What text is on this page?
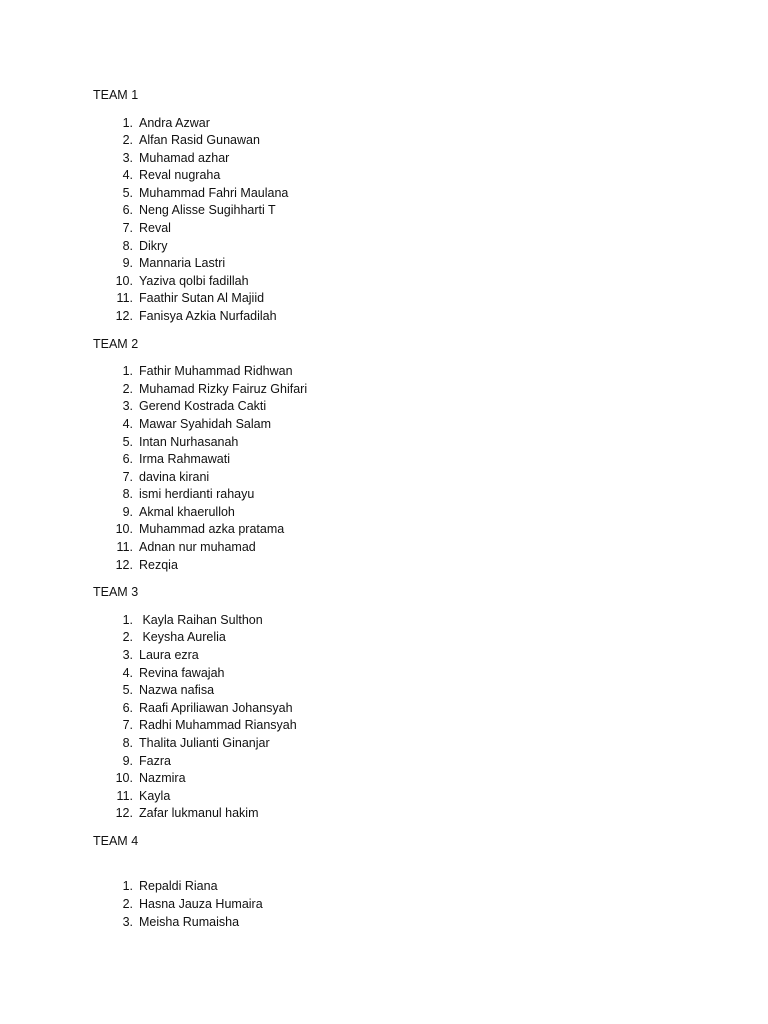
TEAM 1
1. Andra Azwar
2. Alfan Rasid Gunawan
3. Muhamad azhar
4. Reval nugraha
5. Muhammad Fahri Maulana
6. Neng Alisse Sugihharti T
7. Reval
8. Dikry
9. Mannaria Lastri
10. Yaziva qolbi fadillah
11. Faathir Sutan Al Majiid
12. Fanisya Azkia Nurfadilah
TEAM 2
1. Fathir Muhammad Ridhwan
2. Muhamad Rizky Fairuz Ghifari
3. Gerend Kostrada Cakti
4. Mawar Syahidah Salam
5. Intan Nurhasanah
6. Irma Rahmawati
7. davina kirani
8. ismi herdianti rahayu
9. Akmal khaerulloh
10. Muhammad azka pratama
11. Adnan nur muhamad
12. Rezqia
TEAM 3
1. Kayla Raihan Sulthon
2. Keysha Aurelia
3. Laura ezra
4. Revina fawajah
5. Nazwa nafisa
6. Raafi Apriliawan Johansyah
7. Radhi Muhammad Riansyah
8. Thalita Julianti Ginanjar
9. Fazra
10. Nazmira
11. Kayla
12. Zafar lukmanul hakim
TEAM 4
1. Repaldi Riana
2. Hasna Jauza Humaira
3. Meisha Rumaisha
